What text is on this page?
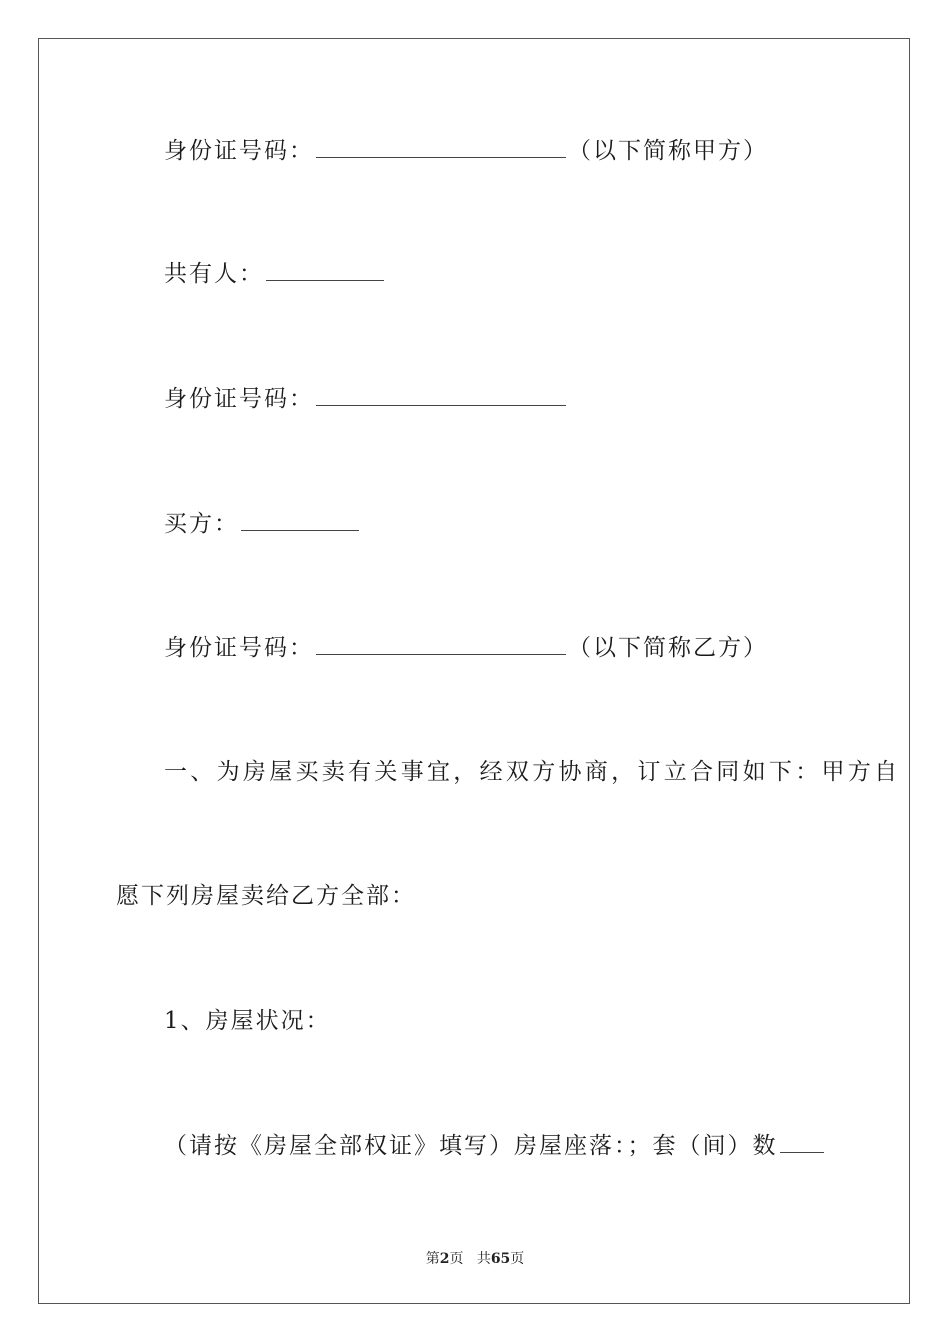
身份证号码：	（以下简称甲方）
共有人：
身份证号码：
买方：
身份证号码：	（以下简称乙方）
一、为房屋买卖有关事宜，经双方协商，订立合同如下：甲方自
愿下列房屋卖给乙方全部：
1、房屋状况：
（请按《房屋全部权证》填写）房屋座落：；套（间）数
第2页 共65页
